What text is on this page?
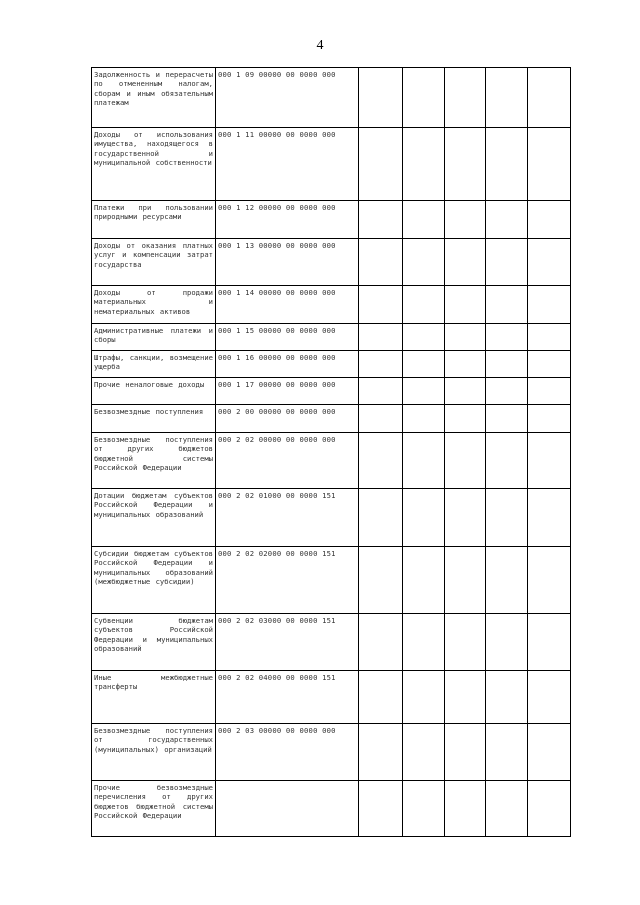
4
Задолженность и перерасчеты по отмененным налогам, сборам и иным обязательным платежам	000 1 09 00000 00 0000 000					
Доходы от использования имущества, находящегося в государственной и муниципальной собственности	000 1 11 00000 00 0000 000					
Платежи при пользовании природными ресурсами	000 1 12 00000 00 0000 000					
Доходы от оказания платных услуг и компенсации затрат государства	000 1 13 00000 00 0000 000					
Доходы от продажи материальных и нематериальных активов	000 1 14 00000 00 0000 000					
Административные платежи и сборы	000 1 15 00000 00 0000 000					
Штрафы, санкции, возмещение ущерба	000 1 16 00000 00 0000 000					
Прочие неналоговые доходы	000 1 17 00000 00 0000 000					
Безвозмездные поступления	000 2 00 00000 00 0000 000					
Безвозмездные поступления от других бюджетов бюджетной системы Российской Федерации	000 2 02 00000 00 0000 000					
Дотации бюджетам субъектов Российской Федерации и муниципальных образований	000 2 02 01000 00 0000 151					
Субсидии бюджетам субъектов Российской Федерации и муниципальных образований (межбюджетные субсидии)	000 2 02 02000 00 0000 151					
Субвенции бюджетам субъектов Российской Федерации и муниципальных образований	000 2 02 03000 00 0000 151					
Иные межбюджетные трансферты	000 2 02 04000 00 0000 151					
Безвозмездные поступления от государственных (муниципальных) организаций	000 2 03 00000 00 0000 000					
Прочие безвозмездные перечисления от других бюджетов бюджетной системы Российской Федерации						
